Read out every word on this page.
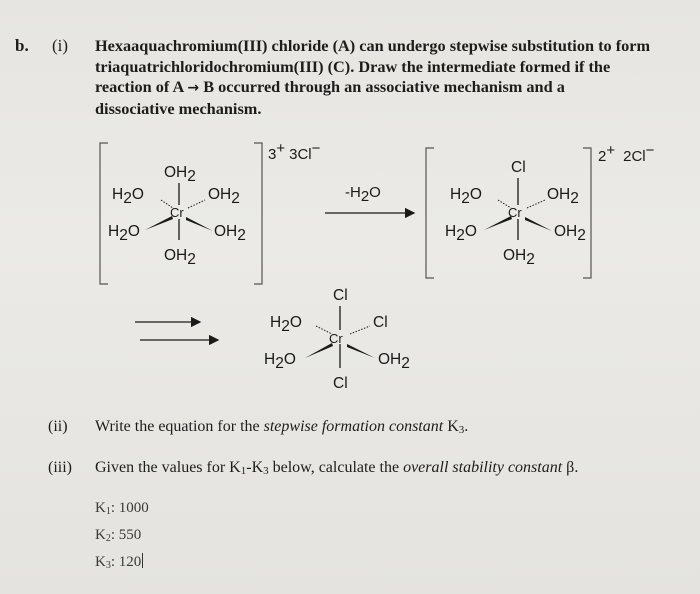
b. (i) Hexaaquachromium(III) chloride (A) can undergo stepwise substitution to form
triaquatrichloridochromium(III) (C). Draw the intermediate formed if the
reaction of A → B occurred through an associative mechanism and a
dissociative mechanism.
OH2
H2O	OH2
Cr
H2O	OH2
OH2
3+ 3Cl−
-H2O
Cl
H2O	OH2
Cr
H2O	OH2
OH2
2+ 2Cl−
Cl
H2O	Cl
Cr
H2O	OH2
Cl
(ii) Write the equation for the stepwise formation constant K3.
(iii) Given the values for K1-K3 below, calculate the overall stability constant β.
K1: 1000
K2: 550
K3: 120
